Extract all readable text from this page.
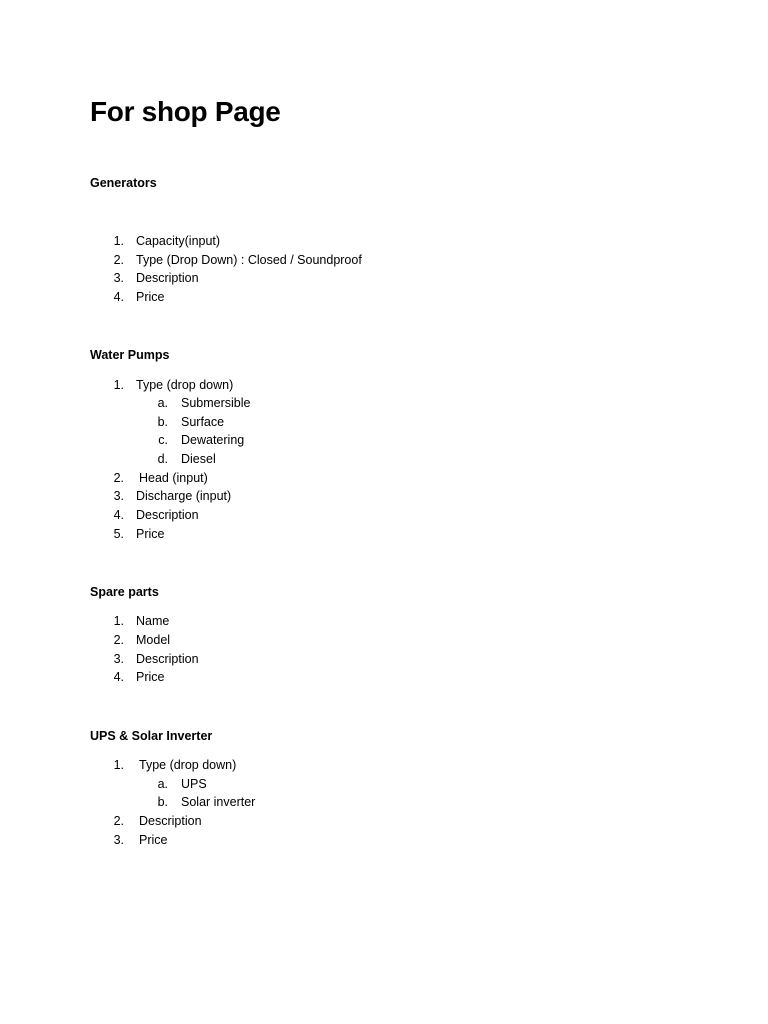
For shop Page
Generators
1. Capacity(input)
2. Type (Drop Down) : Closed / Soundproof
3. Description
4. Price
Water Pumps
1. Type (drop down)
a. Submersible
b. Surface
c. Dewatering
d. Diesel
2. Head (input)
3. Discharge (input)
4. Description
5. Price
Spare parts
1. Name
2. Model
3. Description
4. Price
UPS & Solar Inverter
1. Type (drop down)
a. UPS
b. Solar inverter
2. Description
3. Price
